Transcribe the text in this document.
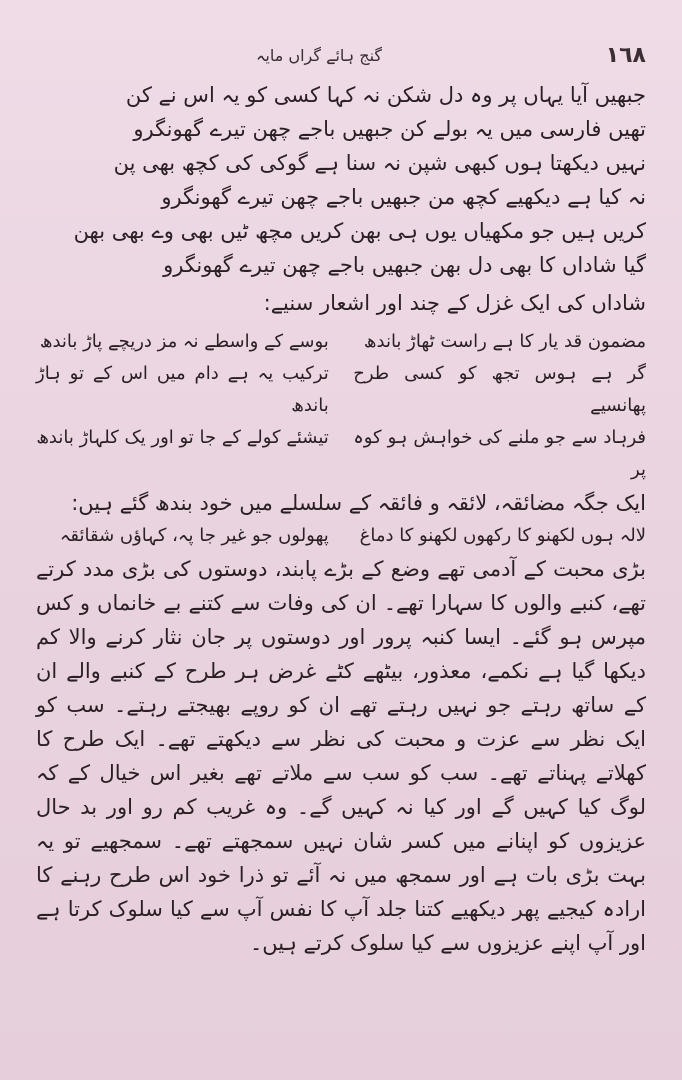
گنج ہائے گراں مایہ	١٦٨
جبھیں آیا یہاں پر وہ دل شکن نہ کہا کسی کو یہ اس نے کن
تھیں فارسی میں یہ بولے کن جبھیں باجے چھن تیرے گھونگرو
نہیں دیکھتا ہوں کبھی شپن نہ سنا ہے گوکی کی کچھ بھی پن
نہ کیا ہے دیکھیے کچھ من جبھیں باجے چھن تیرے گھونگرو
کریں ہیں جو مکھیاں یوں ہی بھن کریں مچھ ٹیں بھی وے بھی بھن
گیا شاداں کا بھی دل بھن جبھیں باجے چھن تیرے گھونگرو

شاداں کی ایک غزل کے چند اور اشعار سنیے:

مضمون قد یار کا ہے راست ٹھاڑ باندھ
بوسے کے واسطے نہ مز دریچے پاڑ باندھ
گر ہے ہوس تجھ کو کسی طرح پھانسیے
ترکیب یہ ہے دام میں اس کے تو ہاڑ باندھ
فرہاد سے جو ملنے کی خواہش ہو کوہ پر
تیشئے کولے کے جا تو اور یک کلہاڑ باندھ

ایک جگہ مضائقہ، لائقہ و فائقہ کے سلسلے میں خود بندھ گئے ہیں:

لالہ ہوں لکھنو کا رکھوں لکھنو کا دماغ
پھولوں جو غیر جا پہ، کہاؤں شقائقہ

بڑی محبت کے آدمی تھے وضع کے بڑے پابند، دوستوں کی بڑی مدد کرتے تھے، کنبے والوں کا سہارا تھے۔ ان کی وفات سے کتنے بے خانماں و کس مپرس ہو گئے۔ ایسا کنبہ پرور اور دوستوں پر جان نثار کرنے والا کم دیکھا گیا ہے نکمے، معذور، بیٹھے کٹے غرض ہر طرح کے کنبے والے ان کے ساتھ رہتے جو نہیں رہتے تھے ان کو روپے بھیجتے رہتے۔ سب کو ایک نظر سے عزت و محبت کی نظر سے دیکھتے تھے۔ ایک طرح کا کھلاتے پہناتے تھے۔ سب کو سب سے ملاتے تھے بغیر اس خیال کے کہ لوگ کیا کہیں گے اور کیا نہ کہیں گے۔ وہ غریب کم رو اور بد حال عزیزوں کو اپنانے میں کسر شان نہیں سمجھتے تھے۔ سمجھیے تو یہ بہت بڑی بات ہے اور سمجھ میں نہ آئے تو ذرا خود اس طرح رہنے کا ارادہ کیجیے پھر دیکھیے کتنا جلد آپ کا نفس آپ سے کیا سلوک کرتا ہے اور آپ اپنے عزیزوں سے کیا سلوک کرتے ہیں۔
